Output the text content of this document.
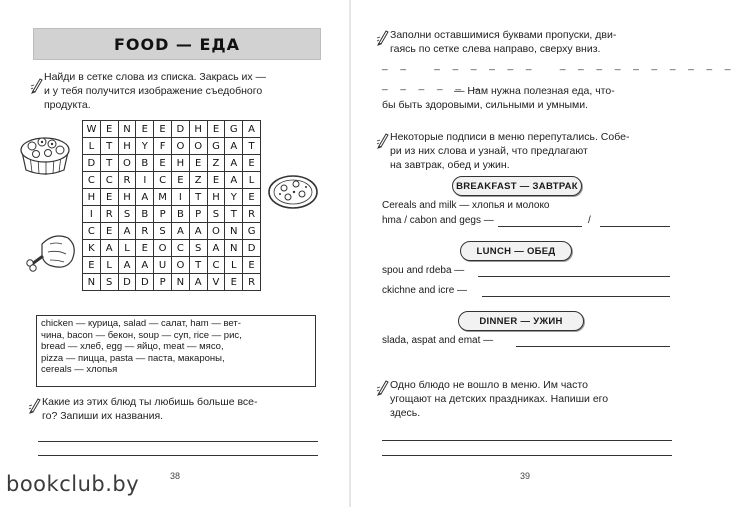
FOOD — ЕДА
Найди в сетке слова из списка. Закрась их —
и у тебя получится изображение съедобного
продукта.
W	E	N	E	E	D	H	E	G	A
L	T	H	Y	F	O	O	G	A	T
D	T	O	B	E	H	E	Z	A	E
C	C	R	I	C	E	Z	E	A	L
H	E	H	A	M	I	T	H	Y	E
I	R	S	B	P	B	P	S	T	R
C	E	A	R	S	A	A	O	N	G
K	A	L	E	O	C	S	A	N	D
E	L	A	A	U	O	T	C	L	E
N	S	D	D	P	N	A	V	E	R
chicken — курица, salad — салат, ham — вет-
чина, bacon — бекон, soup — суп, rice — рис,
bread — хлеб, egg — яйцо, meat — мясо,
pizza — пицца, pasta — паста, макароны,
cereals — хлопья
Какие из этих блюд ты любишь больше все-
го? Запиши их названия.
38
Заполни оставшимися буквами пропуски, дви-
гаясь по сетке слева направо, сверху вниз.
_ _   _ _ _ _ _ _   _ _ _ _ _ _ _ _ _ _
_ _ _ _ _ _
— Нам нужна полезная еда, что-
бы быть здоровыми, сильными и умными.
Некоторые подписи в меню перепутались. Собе-
ри из них слова и узнай, что предлагают
на завтрак, обед и ужин.
BREAKFAST — ЗАВТРАК
Cereals and milk — хлопья и молоко
hma / cabon and gegs —	/
LUNCH — ОБЕД
spou and rdeba —
ckichne and icre —
DINNER — УЖИН
slada, aspat and emat —
Одно блюдо не вошло в меню. Им часто
угощают на детских праздниках. Напиши его
здесь.
39
bookclub.by
